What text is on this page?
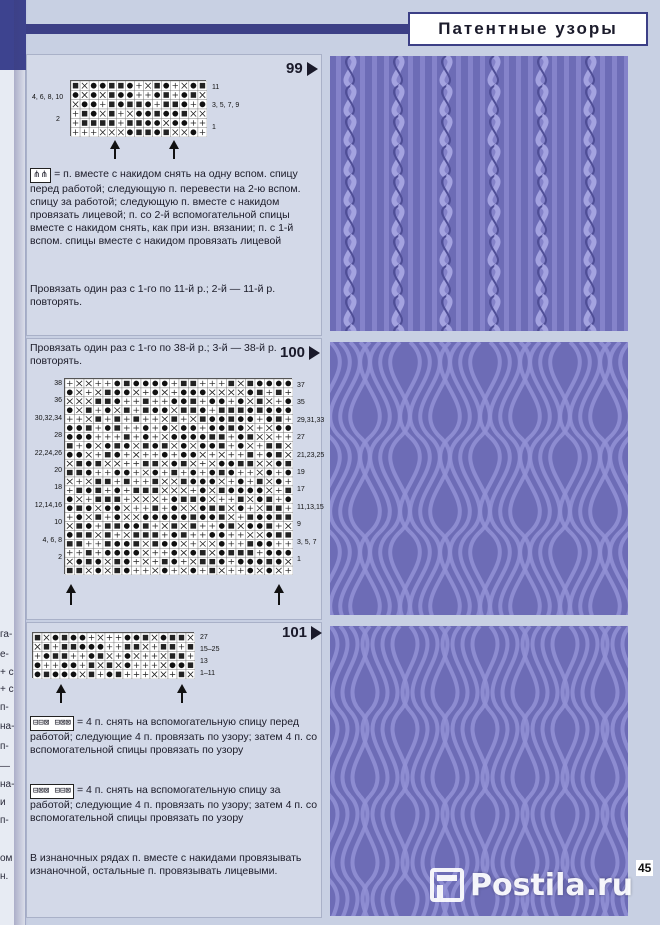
га-
е-
+ с
+ с
п-
на-
п-
—
на-
и
п-
ом
н.
Патентные узоры
4, 6, 8, 10
2
11
3, 5, 7, 9
1
⋔⋔ = п. вместе с накидом снять на одну вспом. спицу перед работой; следующую п. перевести на 2-ю вспом. спицу за работой; следующую п. вместе с накидом провязать лицевой; п. со 2-й вспомогательной спицы вместе с накидом снять, как при изн. вязании; п. с 1-й вспом. спицы вместе с накидом провязать лицевой
Провязать один раз с 1-го по 11-й р.; 2-й — 11-й р. повторять.
Провязать один раз с 1-го по 38-й р.; 3-й — 38-й р. повторять.
38
36
30,32,34
28
22,24,26
20
18
12,14,16
10
4, 6, 8
2
37
35
29,31,33
27
21,23,25
19
17
11,13,15
9
3, 5, 7
1
27
15–25
13
1–11
⊟⊟⊠ ⊟⊠⊠ = 4 п. снять на вспомогательную спицу перед работой; следующие 4 п. провязать по узору; затем 4 п. со вспомогательной спицы провязать по узору
⊟⊠⊠ ⊟⊟⊠ = 4 п. снять на вспомогательную спицу за работой; следующие 4 п. провязать по узору; затем 4 п. со вспомогательной спицы провязать по узору
В изнаночных рядах п. вместе с накидами провязывать изнаночной, остальные п. провязывать лицевыми.
99
100
101
Postila.ru 45
